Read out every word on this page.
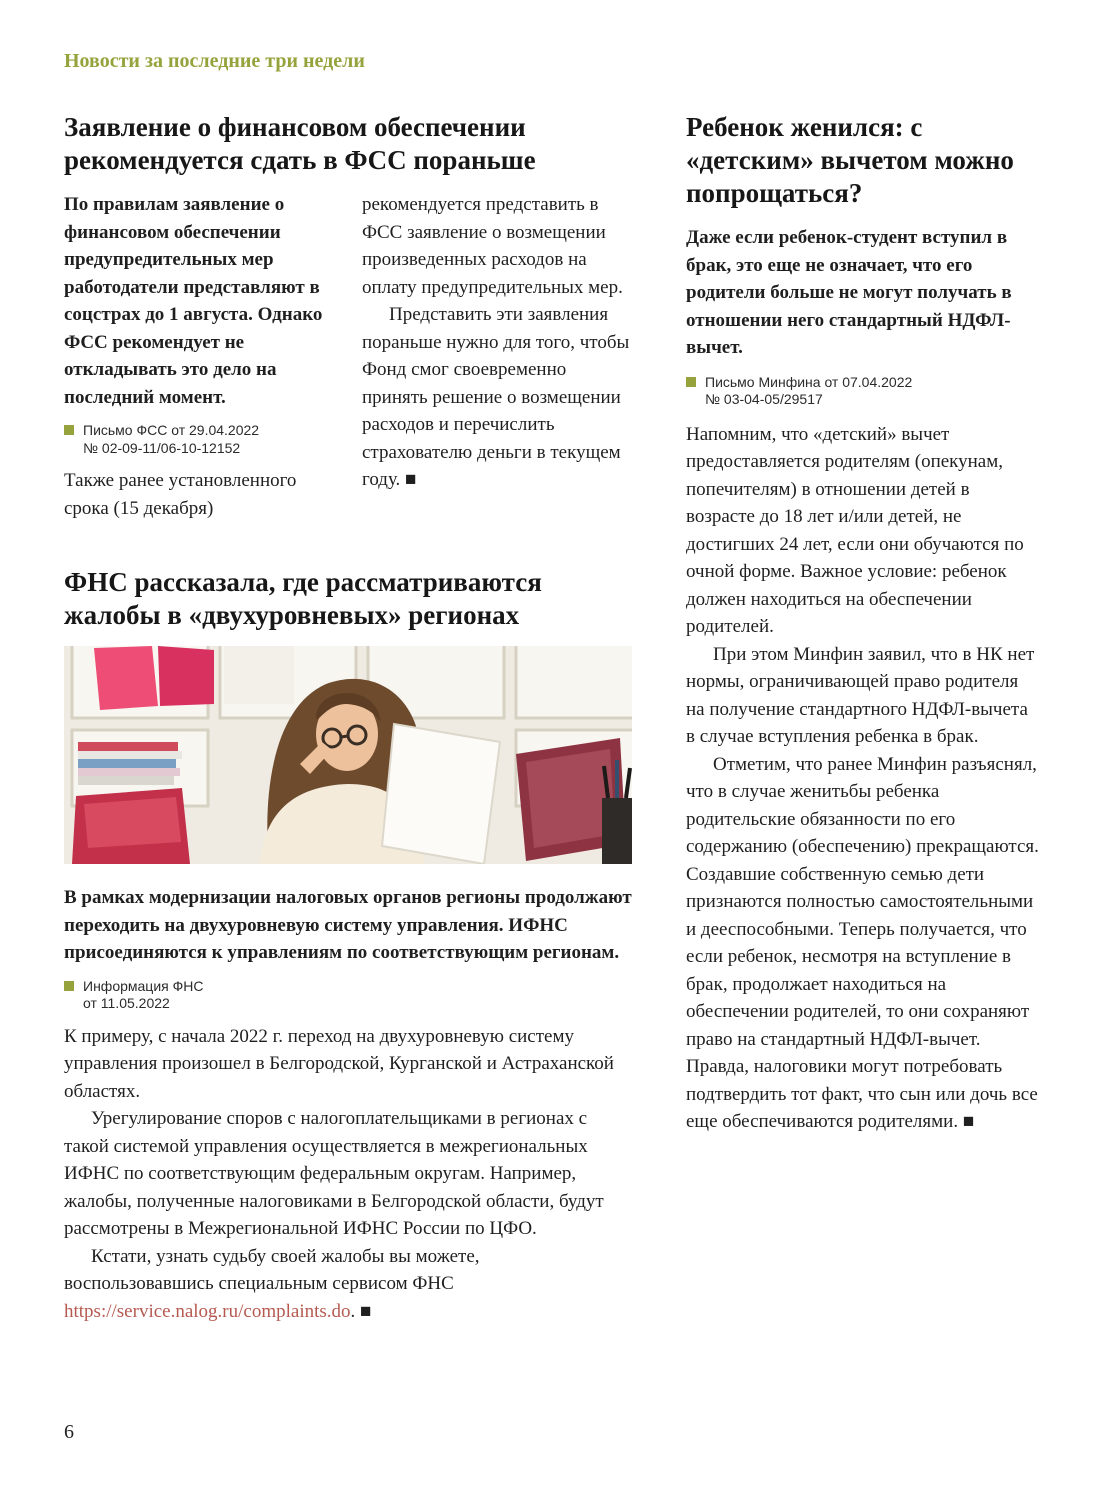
Новости за последние три недели
Заявление о финансовом обеспечении рекомендуется сдать в ФСС пораньше

По правилам заявление о финансовом обеспечении предупредительных мер работодатели представляют в соцстрах до 1 августа. Однако ФСС рекомендует не откладывать это дело на последний момент.

Письмо ФСС от 29.04.2022
№ 02-09-11/06-10-12152

Также ранее установленного срока (15 декабря)

рекомендуется представить в ФСС заявление о возмещении произведенных расходов на оплату предупредительных мер.

Представить эти заявления пораньше нужно для того, чтобы Фонд смог своевременно принять решение о возмещении расходов и перечислить страхователю деньги в текущем году. ■

ФНС рассказала, где рассматриваются жалобы в «двухуровневых» регионах

В рамках модернизации налоговых органов регионы продолжают переходить на двухуровневую систему управления. ИФНС присоединяются к управлениям по соответствующим регионам.

Информация ФНС
от 11.05.2022

К примеру, с начала 2022 г. переход на двухуровневую систему управления произошел в Белгородской, Курганской и Астраханской областях.

Урегулирование споров с налогоплательщиками в регионах с такой системой управления осуществляется в межрегиональных ИФНС по соответствующим федеральным округам. Например, жалобы, полученные налоговиками в Белгородской области, будут рассмотрены в Межрегиональной ИФНС России по ЦФО.

Кстати, узнать судьбу своей жалобы вы можете, воспользовавшись специальным сервисом ФНС https://service.nalog.ru/complaints.do. ■

Ребенок женился: с «детским» вычетом можно попрощаться?

Даже если ребенок-студент вступил в брак, это еще не означает, что его родители больше не могут получать в отношении него стандартный НДФЛ-вычет.

Письмо Минфина от 07.04.2022
№ 03-04-05/29517

Напомним, что «детский» вычет предоставляется родителям (опекунам, попечителям) в отношении детей в возрасте до 18 лет и/или детей, не достигших 24 лет, если они обучаются по очной форме. Важное условие: ребенок должен находиться на обеспечении родителей.

При этом Минфин заявил, что в НК нет нормы, ограничивающей право родителя на получение стандартного НДФЛ-вычета в случае вступления ребенка в брак.

Отметим, что ранее Минфин разъяснял, что в случае женитьбы ребенка родительские обязанности по его содержанию (обеспечению) прекращаются. Создавшие собственную семью дети признаются полностью самостоятельными и дееспособными. Теперь получается, что если ребенок, несмотря на вступление в брак, продолжает находиться на обеспечении родителей, то они сохраняют право на стандартный НДФЛ-вычет. Правда, налоговики могут потребовать подтвердить тот факт, что сын или дочь все еще обеспечиваются родителями. ■

6
